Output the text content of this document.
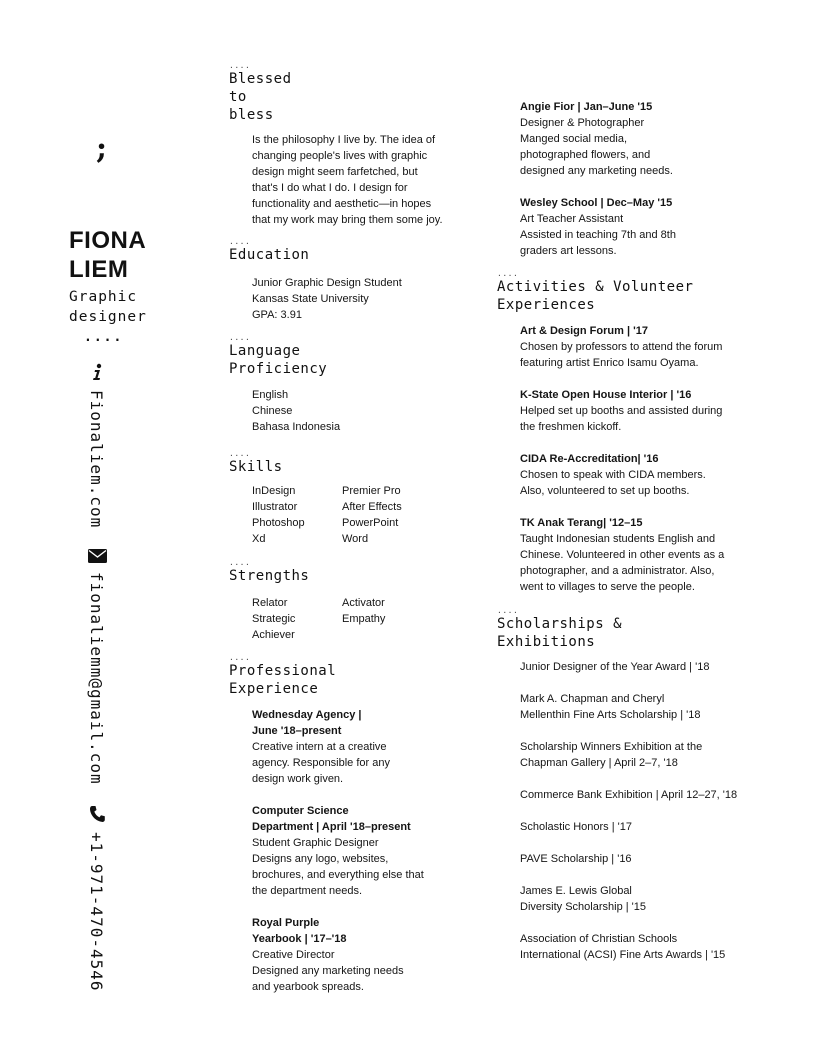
;
FIONA
LIEM
Graphic
designer
....
Fionaliem.com
fionaliemm@gmail.com
+1-971-470-4546
....
Blessed
to
bless
Is the philosophy I live by. The idea of
changing people's lives with graphic
design might seem farfetched, but
that's I do what I do. I design for
functionality and aesthetic—in hopes
that my work may bring them some joy.
....
Education
Junior Graphic Design Student
Kansas State University
GPA: 3.91
....
Language
Proficiency
English
Chinese
Bahasa Indonesia
....
Skills
InDesign
Illustrator
Photoshop
Xd
Premier Pro
After Effects
PowerPoint
Word
....
Strengths
Relator
Strategic
Achiever
Activator
Empathy
....
Professional
Experience
Wednesday Agency |
June '18–present
Creative intern at a creative
agency. Responsible for any
design work given.
Computer Science
Department | April '18–present
Student Graphic Designer
Designs any logo, websites,
brochures, and everything else that
the department needs.
Royal Purple
Yearbook | '17–'18
Creative Director
Designed any marketing needs
and yearbook spreads.
Angie Fior | Jan–June '15
Designer & Photographer
Manged social media,
photographed flowers, and
designed any marketing needs.
Wesley School | Dec–May '15
Art Teacher Assistant
Assisted in teaching 7th and 8th
graders art lessons.
....
Activities & Volunteer
Experiences
Art & Design Forum | '17
Chosen by professors to attend the forum
featuring artist Enrico Isamu Oyama.
K-State Open House Interior | '16
Helped set up booths and assisted during
the freshmen kickoff.
CIDA Re-Accreditation| '16
Chosen to speak with CIDA members.
Also, volunteered to set up booths.
TK Anak Terang| '12–15
Taught Indonesian students English and
Chinese. Volunteered in other events as a
photographer, and a administrator. Also,
went to villages to serve the people.
....
Scholarships &
Exhibitions
Junior Designer of the Year Award | '18
Mark A. Chapman and Cheryl
Mellenthin Fine Arts Scholarship | '18
Scholarship Winners Exhibition at the
Chapman Gallery | April 2–7, '18
Commerce Bank Exhibition | April 12–27, '18
Scholastic Honors | '17
PAVE Scholarship | '16
James E. Lewis Global
Diversity Scholarship | '15
Association of Christian Schools
International (ACSI) Fine Arts Awards | '15
